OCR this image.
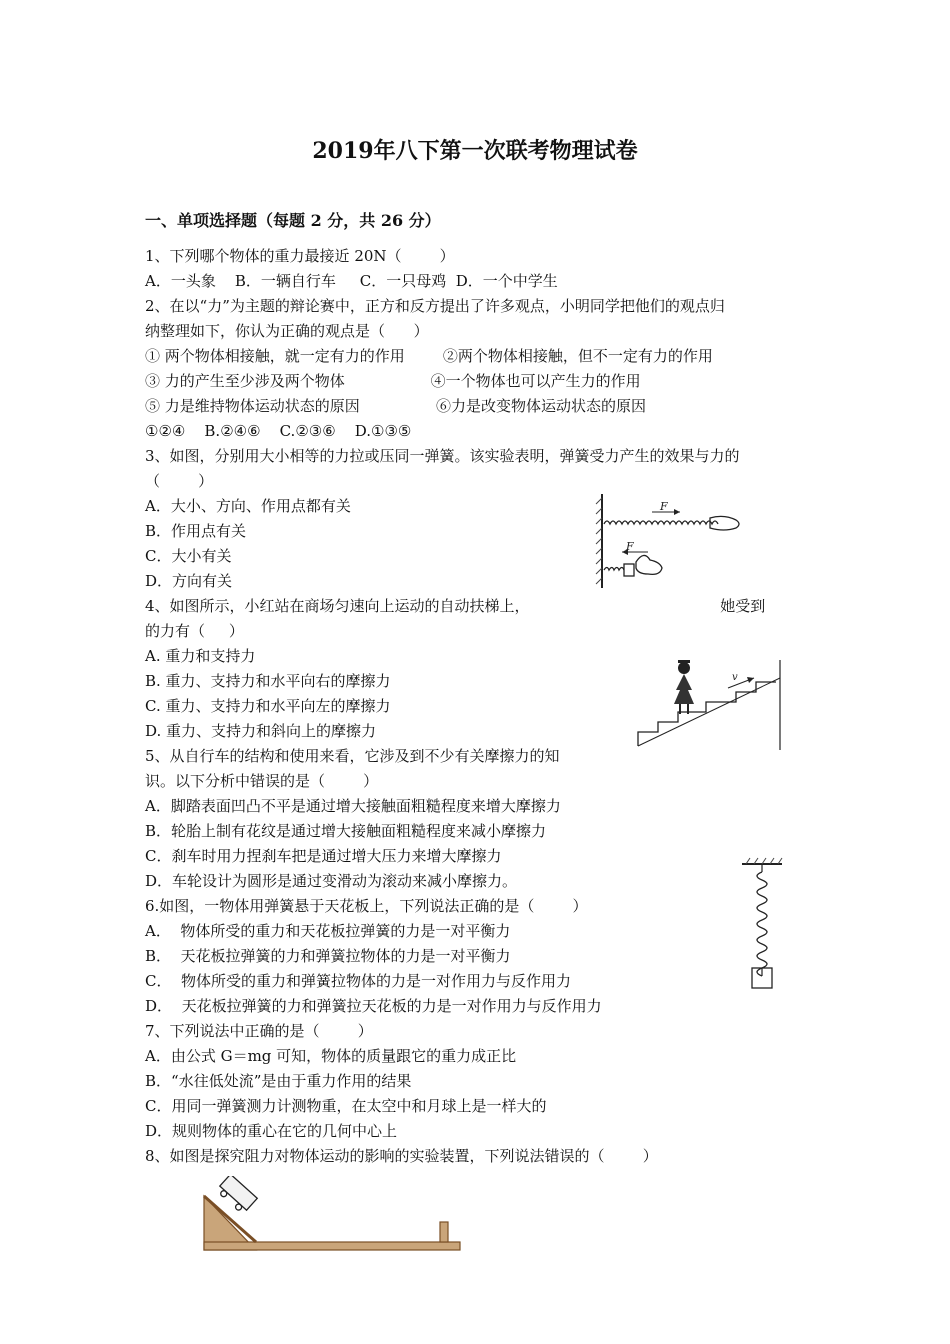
2019年八下第一次联考物理试卷
一、单项选择题（每题 2 分，共 26 分）
1、下列哪个物体的重力最接近 20N（        ）
A．一头象    B．一辆自行车     C．一只母鸡  D．一个中学生
2、在以“力”为主题的辩论赛中，正方和反方提出了许多观点，小明同学把他们的观点归
纳整理如下，你认为正确的观点是（      ）
① 两个物体相接触，就一定有力的作用        ②两个物体相接触，但不一定有力的作用
③ 力的产生至少涉及两个物体                  ④一个物体也可以产生力的作用
⑤ 力是维持物体运动状态的原因                ⑥力是改变物体运动状态的原因
①②④    B.②④⑥    C.②③⑥    D.①③⑤
3、如图，分别用大小相等的力拉或压同一弹簧。该实验表明，弹簧受力产生的效果与力的
（        ）
A．大小、方向、作用点都有关
B．作用点有关
C．大小有关
D．方向有关
4、如图所示，小红站在商场匀速向上运动的自动扶梯上，                                        她受到
的力有（     ）
A. 重力和支持力
B. 重力、支持力和水平向右的摩擦力
C. 重力、支持力和水平向左的摩擦力
D. 重力、支持力和斜向上的摩擦力
5、从自行车的结构和使用来看，它涉及到不少有关摩擦力的知
识。以下分析中错误的是（        ）
A．脚踏表面凹凸不平是通过增大接触面粗糙程度来增大摩擦力
B．轮胎上制有花纹是通过增大接触面粗糙程度来减小摩擦力
C．刹车时用力捏刹车把是通过增大压力来增大摩擦力
D．车轮设计为圆形是通过变滑动为滚动来减小摩擦力。
6.如图，一物体用弹簧悬于天花板上，下列说法正确的是（        ）
A．  物体所受的重力和天花板拉弹簧的力是一对平衡力
B．  天花板拉弹簧的力和弹簧拉物体的力是一对平衡力
C．  物体所受的重力和弹簧拉物体的力是一对作用力与反作用力
D．  天花板拉弹簧的力和弹簧拉天花板的力是一对作用力与反作用力
7、下列说法中正确的是（        ）
A．由公式 G＝mg 可知，物体的质量跟它的重力成正比
B．“水往低处流”是由于重力作用的结果
C．用同一弹簧测力计测物重，在太空中和月球上是一样大的
D．规则物体的重心在它的几何中心上
8、如图是探究阻力对物体运动的影响的实验装置，下列说法错误的（        ）
F
F
v
